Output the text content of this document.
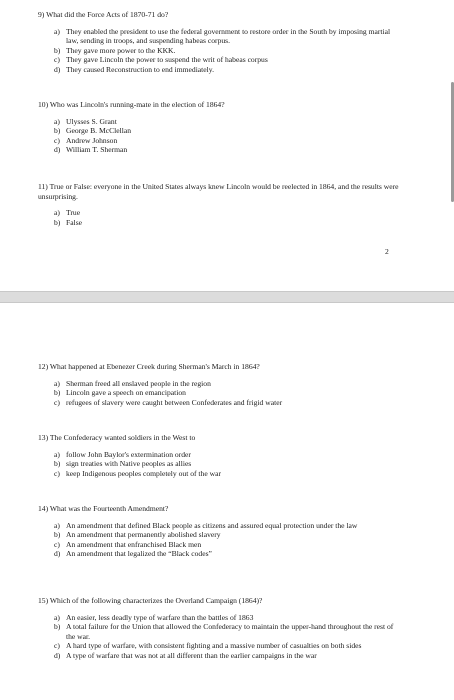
9) What did the Force Acts of 1870-71 do?

a) They enabled the president to use the federal government to restore order in the South by imposing martial law, sending in troops, and suspending habeas corpus.
b) They gave more power to the KKK.
c) They gave Lincoln the power to suspend the writ of habeas corpus
d) They caused Reconstruction to end immediately.

10) Who was Lincoln's running-mate in the election of 1864?

a) Ulysses S. Grant
b) George B. McClellan
c) Andrew Johnson
d) William T. Sherman

11) True or False: everyone in the United States always knew Lincoln would be reelected in 1864, and the results were unsurprising.

a) True
b) False
2

12) What happened at Ebenezer Creek during Sherman's March in 1864?

a) Sherman freed all enslaved people in the region
b) Lincoln gave a speech on emancipation
c) refugees of slavery were caught between Confederates and frigid water

13) The Confederacy wanted soldiers in the West to

a) follow John Baylor's extermination order
b) sign treaties with Native peoples as allies
c) keep Indigenous peoples completely out of the war

14) What was the Fourteenth Amendment?

a) An amendment that defined Black people as citizens and assured equal protection under the law
b) An amendment that permanently abolished slavery
c) An amendment that enfranchised Black men
d) An amendment that legalized the “Black codes”

15) Which of the following characterizes the Overland Campaign (1864)?

a) An easier, less deadly type of warfare than the battles of 1863
b) A total failure for the Union that allowed the Confederacy to maintain the upper-hand throughout the rest of the war.
c) A hard type of warfare, with consistent fighting and a massive number of casualties on both sides
d) A type of warfare that was not at all different than the earlier campaigns in the war
